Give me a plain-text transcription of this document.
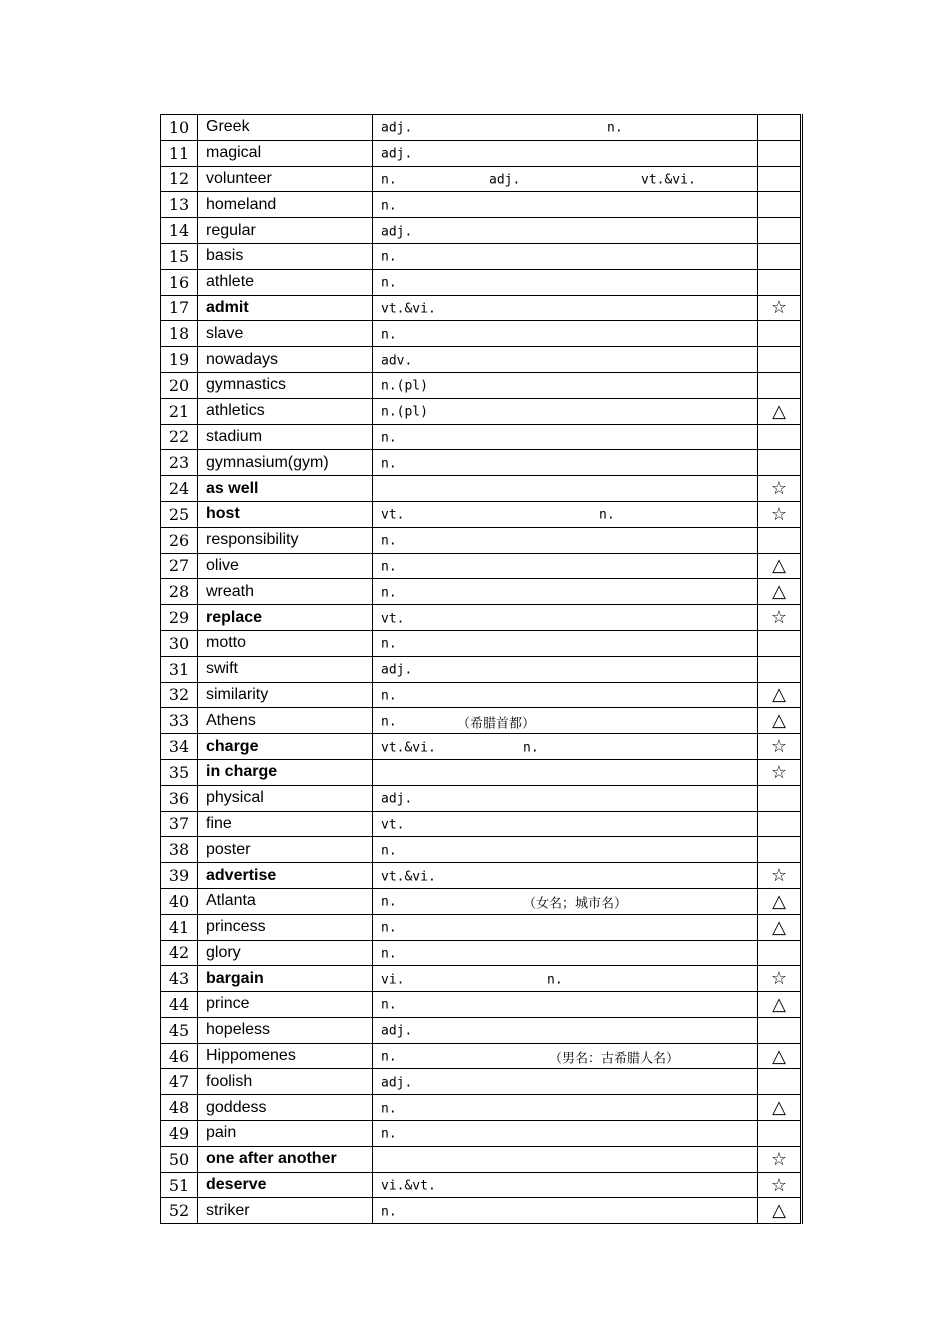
10	Greek	adj. n.	

11	magical	adj.	

12	volunteer	n. adj. vt.&vi.	

13	homeland	n.	

14	regular	adj.	

15	basis	n.	

16	athlete	n.	

17	admit	vt.&vi.	☆
18	slave	n.	

19	nowadays	adv.	

20	gymnastics	n.(pl)	

21	athletics	n.(pl)	△
22	stadium	n.	

23	gymnasium(gym)	n.	

24	as well		☆
25	host	vt. n.	☆
26	responsibility	n.	

27	olive	n.	△
28	wreath	n.	△
29	replace	vt.	☆
30	motto	n.	

31	swift	adj.	

32	similarity	n.	△
33	Athens	n. （希腊首都）	△
34	charge	vt.&vi. n.	☆
35	in charge		☆
36	physical	adj.	

37	fine	vt.	

38	poster	n.	

39	advertise	vt.&vi.	☆
40	Atlanta	n. （女名；城市名）	△
41	princess	n.	△
42	glory	n.	

43	bargain	vi. n.	☆
44	prince	n.	△
45	hopeless	adj.	

46	Hippomenes	n. （男名：古希腊人名）	△
47	foolish	adj.	

48	goddess	n.	△
49	pain	n.	

50	one after another		☆
51	deserve	vi.&vt.	☆
52	striker	n.	△
